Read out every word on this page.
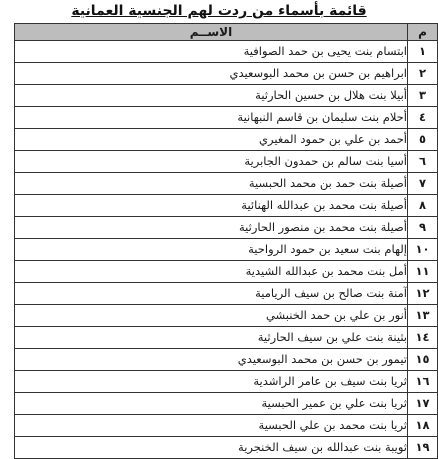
قائمة بأسماء من ردت لهم الجنسية العمانية
م	الاســم
١	ابتسام بنت يحيى بن حمد الصوافية
٢	ابراهيم بن حسن بن محمد البوسعيدي
٣	أبيلا بنت هلال بن حسين الحارثية
٤	أحلام بنت سليمان بن قاسم النبهانية
٥	أحمد بن علي بن حمود المغيري
٦	أسيا بنت سالم بن حمدون الجابرية
٧	أصيلة بنت حمد بن محمد الحبسية
٨	أصيلة بنت محمد بن عبدالله الهنائية
٩	أصيلة بنت محمد بن منصور الحارثية
١٠	إلهام بنت سعيد بن حمود الرواحية
١١	أمل بنت محمد بن عبدالله الشيدية
١٢	آمنة بنت صالح بن سيف الريامية
١٣	أنور بن علي بن حمد الخنبشي
١٤	بثينة بنت علي بن سيف الحارثية
١٥	تيمور بن حسن بن محمد البوسعيدي
١٦	ثريا بنت سيف بن عامر الراشدية
١٧	ثريا بنت علي بن عمير الحبسية
١٨	ثريا بنت محمد بن علي الحبسية
١٩	ثويبة بنت عبدالله بن سيف الخنجرية
